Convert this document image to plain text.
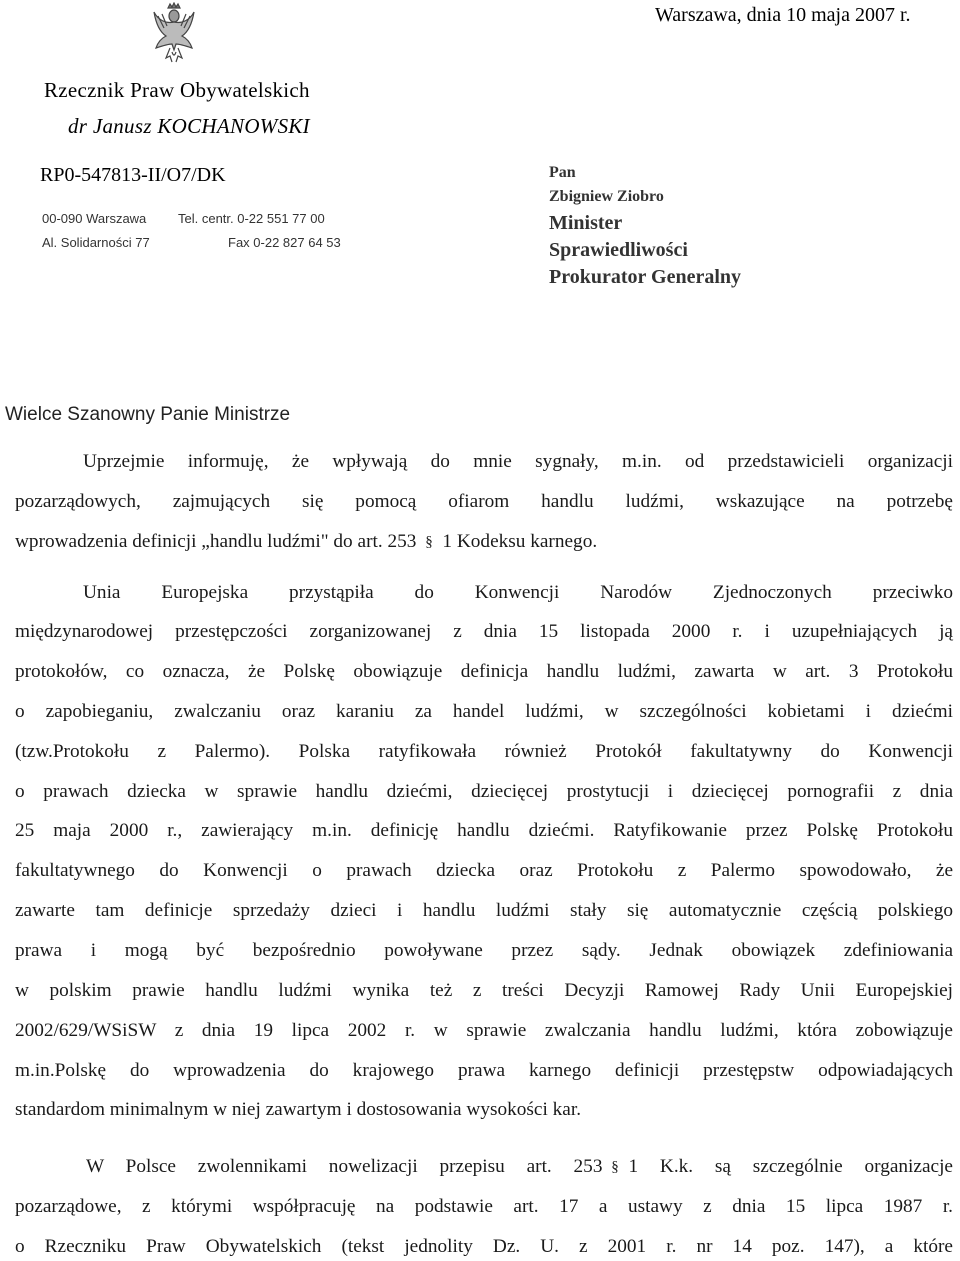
Warszawa, dnia 10 maja 2007 r.

Rzecznik Praw Obywatelskich

dr Janusz KOCHANOWSKI

RP0-547813-II/O7/DK

00-090 Warszawa Tel. centr. 0-22 551 77 00
Al. Solidarności 77	Fax 0-22 827 64 53
Pan
Zbigniew Ziobro
Minister
Sprawiedliwości
Prokurator Generalny

Wielce Szanowny Panie Ministrze

Uprzejmie informuję, że wpływają do mnie sygnały, m.in. od przedstawicieli organizacji

pozarządowych, zajmujących się pomocą ofiarom handlu ludźmi, wskazujące na potrzebę

wprowadzenia definicji „handlu ludźmi" do art. 253 § 1 Kodeksu karnego.

Unia Europejska przystąpiła do Konwencji Narodów Zjednoczonych przeciwko

międzynarodowej przestępczości zorganizowanej z dnia 15 listopada 2000 r. i uzupełniających ją

protokołów, co oznacza, że Polskę obowiązuje definicja handlu ludźmi, zawarta w art. 3 Protokołu

o zapobieganiu, zwalczaniu oraz karaniu za handel ludźmi, w szczególności kobietami i dziećmi

(tzw.Protokołu z Palermo). Polska ratyfikowała również Protokół fakultatywny do Konwencji

o prawach dziecka w sprawie handlu dziećmi, dziecięcej prostytucji i dziecięcej pornografii z dnia

25 maja 2000 r., zawierający m.in. definicję handlu dziećmi. Ratyfikowanie przez Polskę Protokołu

fakultatywnego do Konwencji o prawach dziecka oraz Protokołu z Palermo spowodowało, że

zawarte tam definicje sprzedaży dzieci i handlu ludźmi stały się automatycznie częścią polskiego

prawa i mogą być bezpośrednio powoływane przez sądy. Jednak obowiązek zdefiniowania

w polskim prawie handlu ludźmi wynika też z treści Decyzji Ramowej Rady Unii Europejskiej

2002/629/WSiSW z dnia 19 lipca 2002 r. w sprawie zwalczania handlu ludźmi, która zobowiązuje

m.in.Polskę do wprowadzenia do krajowego prawa karnego definicji przestępstw odpowiadających

standardom minimalnym w niej zawartym i dostosowania wysokości kar.

W Polsce zwolennikami nowelizacji przepisu art. 253 § 1 K.k. są szczególnie organizacje

pozarządowe, z którymi współpracuję na podstawie art. 17 a ustawy z dnia 15 lipca 1987 r.

o Rzeczniku Praw Obywatelskich (tekst jednolity Dz. U. z 2001 r. nr 14 poz. 147), a które
